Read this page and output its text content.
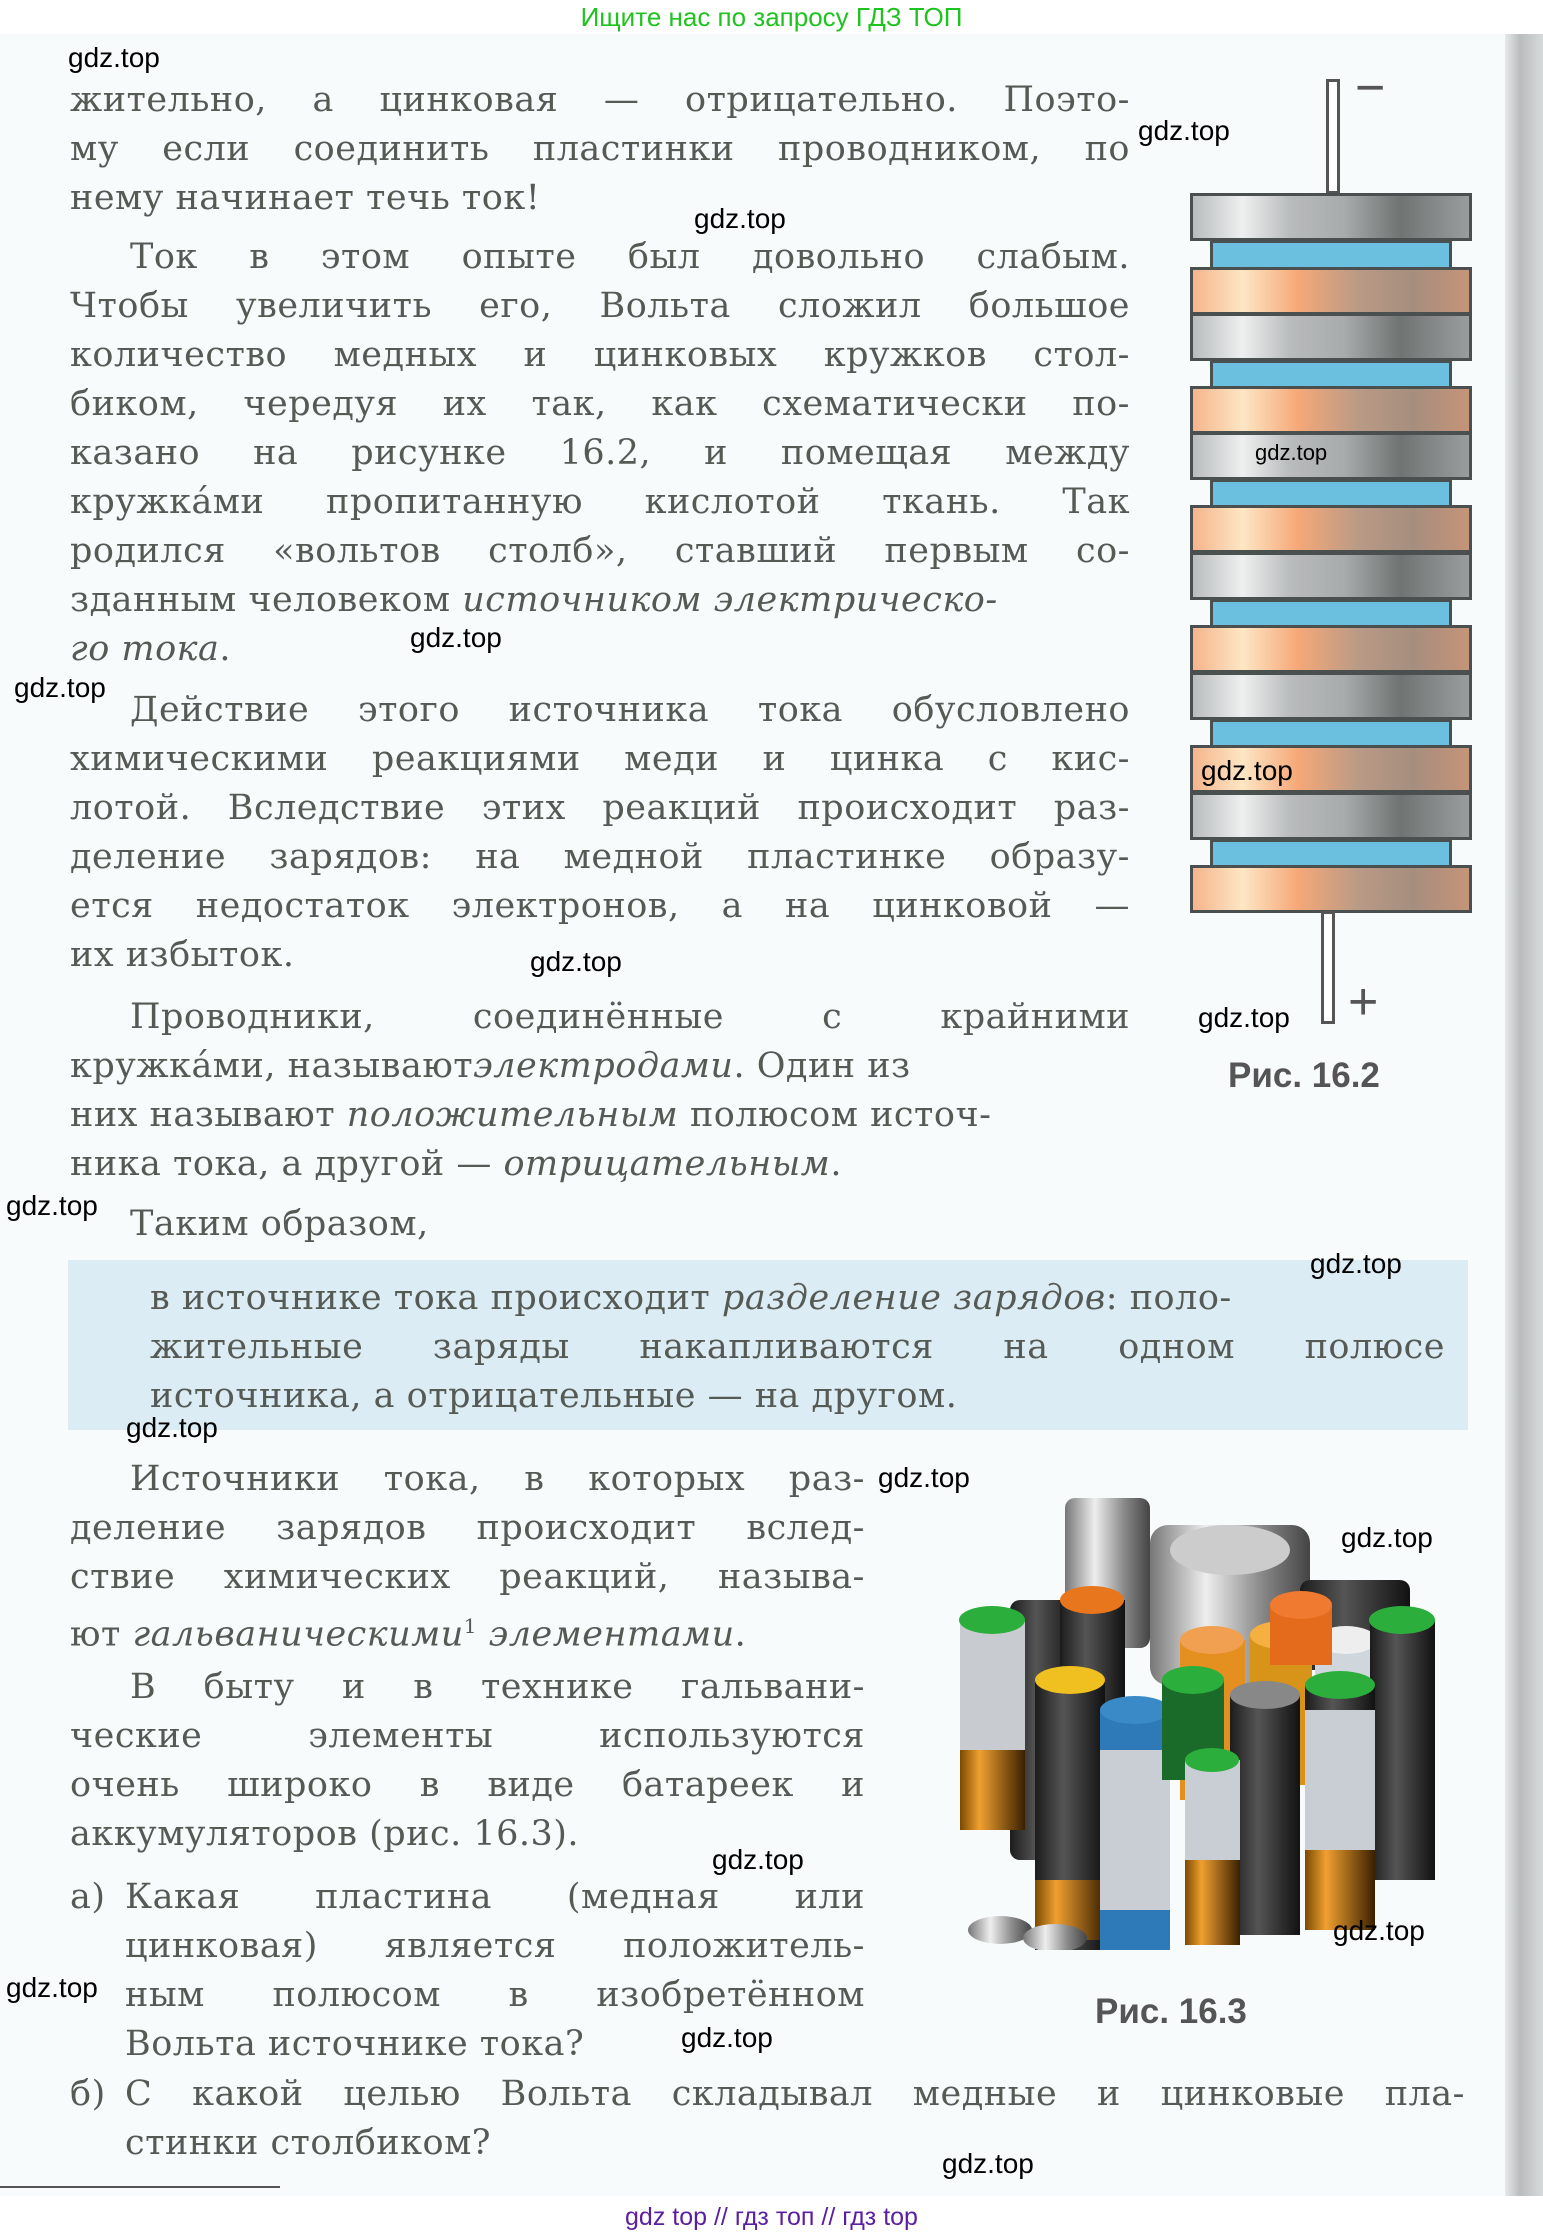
Ищите нас по запросу ГДЗ ТОП
жительно, а цинковая — отрицательно. Поэто-
му если соединить пластинки проводником, по
нему начинает течь ток!
Ток в этом опыте был довольно слабым.
Чтобы увеличить его, Вольта сложил большое
количество медных и цинковых кружков стол-
биком, чередуя их так, как схематически по-
казано на рисунке 16.2, и помещая между
кружка́ми пропитанную кислотой ткань. Так
родился «вольтов столб», ставший первым со-
зданным человеком источником электрическо-
го тока.
Действие этого источника тока обусловлено
химическими реакциями меди и цинка с кис-
лотой. Вследствие этих реакций происходит раз-
деление зарядов: на медной пластинке образу-
ется недостаток электронов, а на цинковой —
их избыток.
Проводники, соединённые с крайними
кружка́ми, называют электродами. Один из
них называют положительным полюсом источ-
ника тока, а другой — отрицательным.
Таким образом,
в источнике тока происходит разделение зарядов: поло-
жительные заряды накапливаются на одном полюсе
источника, а отрицательные — на другом.
Источники тока, в которых раз-
деление зарядов происходит вслед-
ствие химических реакций, называ-
ют гальваническими$^1$ элементами.
В быту и в технике гальвани-
ческие элементы используются
очень широко в виде батареек и
аккумуляторов (рис. 16.3).
а) Какая пластина (медная или
цинковая) является положитель-
ным полюсом в изобретённом
Вольта источнике тока?
б) С какой целью Вольта складывал медные и цинковые пла-
стинки столбиком?
−
+
Рис. 16.2
Рис. 16.3
gdz.top
gdz.top
gdz.top
gdz.top
gdz.top
gdz.top
gdz.top
gdz.top
gdz.top
gdz.top
gdz.top
gdz.top
gdz.top
gdz.top
gdz.top
gdz.top
gdz.top
gdz.top
gdz.top
gdz top // гдз топ // гдз top
